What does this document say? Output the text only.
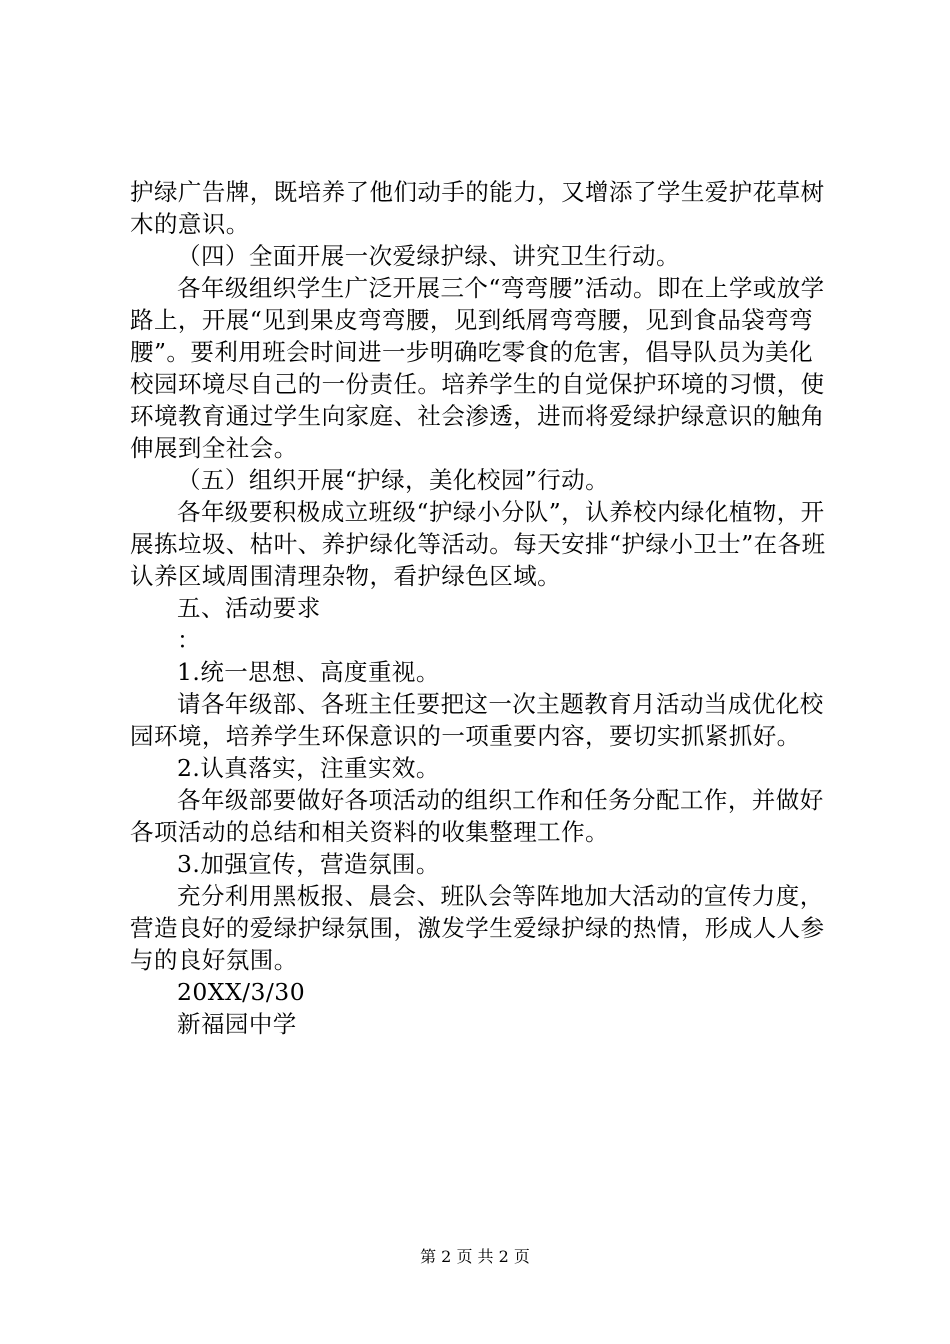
护绿广告牌，既培养了他们动手的能力，又增添了学生爱护花草树木的意识。

（四）全面开展一次爱绿护绿、讲究卫生行动。

各年级组织学生广泛开展三个“弯弯腰”活动。即在上学或放学路上，开展“见到果皮弯弯腰，见到纸屑弯弯腰，见到食品袋弯弯腰”。要利用班会时间进一步明确吃零食的危害，倡导队员为美化校园环境尽自己的一份责任。培养学生的自觉保护环境的习惯，使环境教育通过学生向家庭、社会渗透，进而将爱绿护绿意识的触角伸展到全社会。

（五）组织开展“护绿，美化校园”行动。

各年级要积极成立班级“护绿小分队”，认养校内绿化植物，开展拣垃圾、枯叶、养护绿化等活动。每天安排“护绿小卫士”在各班认养区域周围清理杂物，看护绿色区域。

五、活动要求

：

1.统一思想、高度重视。

请各年级部、各班主任要把这一次主题教育月活动当成优化校园环境，培养学生环保意识的一项重要内容，要切实抓紧抓好。

2.认真落实，注重实效。

各年级部要做好各项活动的组织工作和任务分配工作，并做好各项活动的总结和相关资料的收集整理工作。

3.加强宣传，营造氛围。

充分利用黑板报、晨会、班队会等阵地加大活动的宣传力度，营造良好的爱绿护绿氛围，激发学生爱绿护绿的热情，形成人人参与的良好氛围。

20XX/3/30

新福园中学

第 2 页 共 2 页
